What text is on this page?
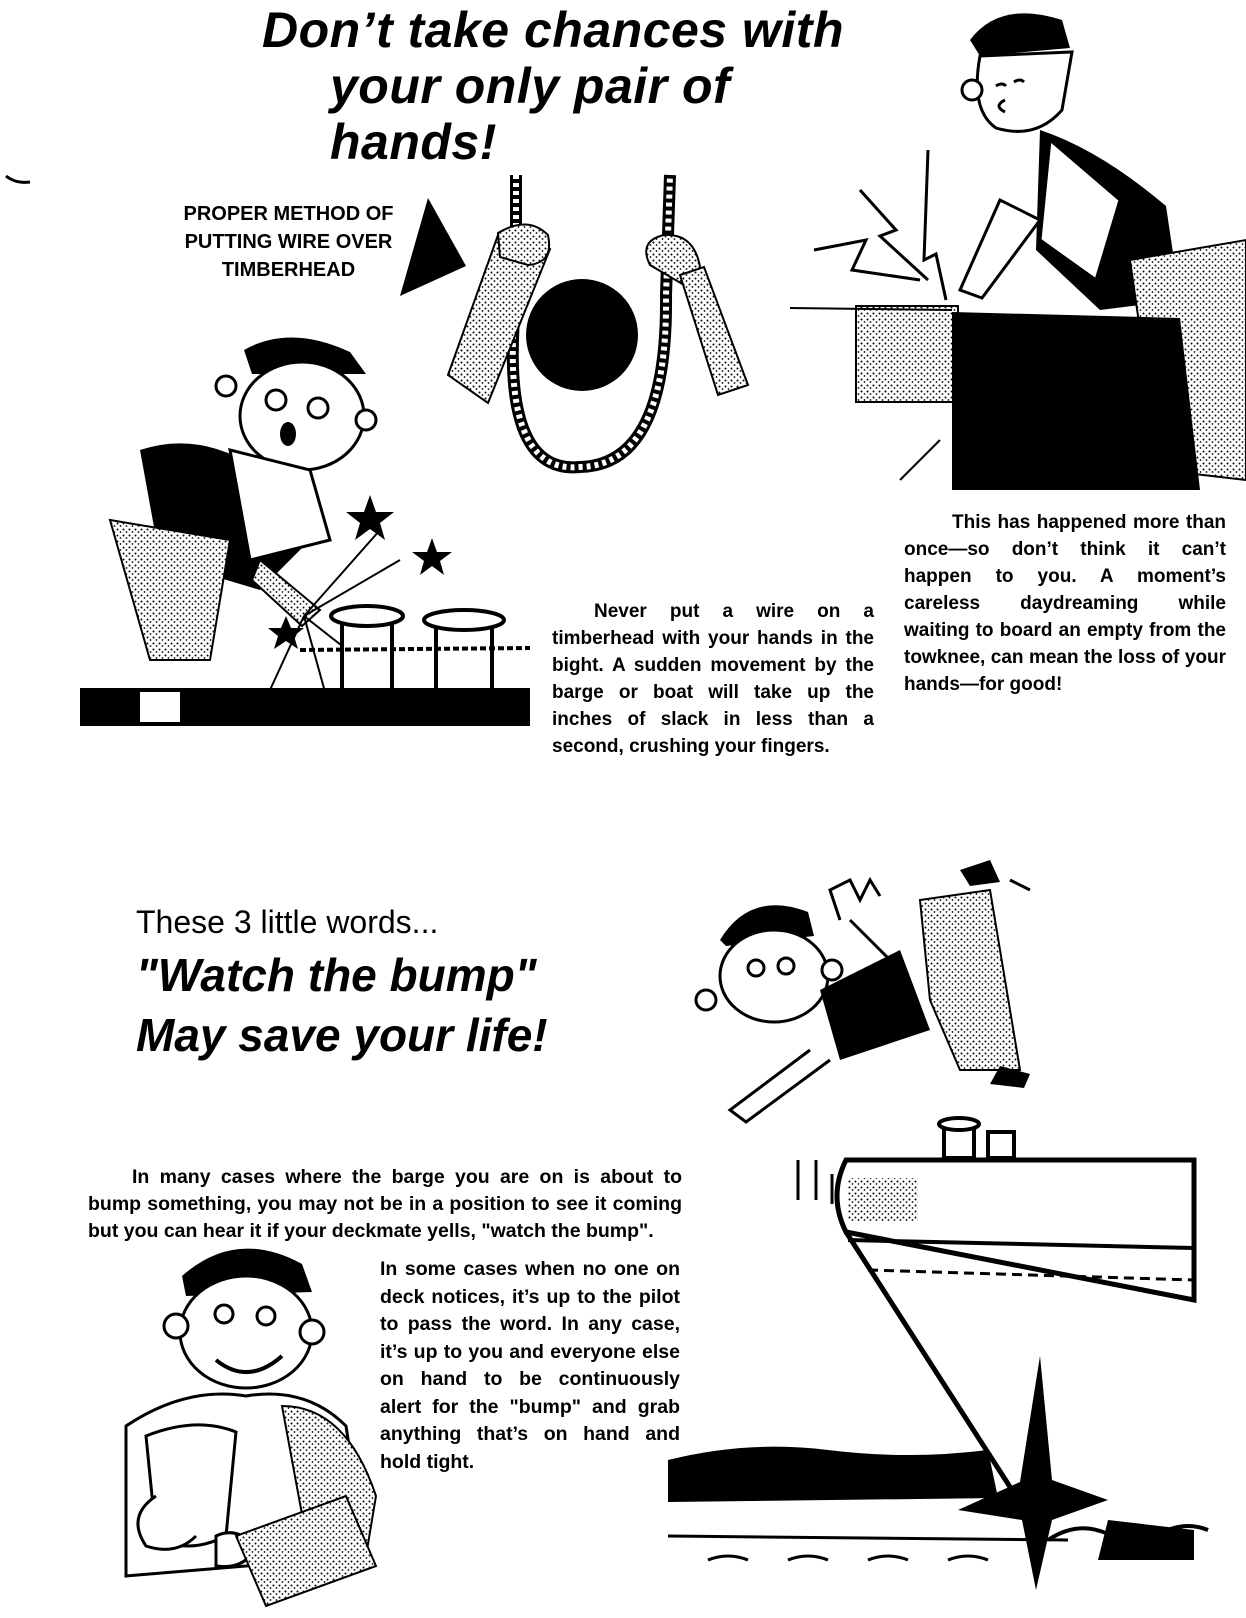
Don’t take chances with
your only pair of hands!
PROPER METHOD OF PUTTING WIRE OVER TIMBERHEAD
Never put a wire on a timberhead with your hands in the bight. A sudden movement by the barge or boat will take up the inches of slack in less than a second, crushing your fingers.
This has happened more than once—so don’t think it can’t happen to you. A moment’s careless daydreaming while waiting to board an empty from the towknee, can mean the loss of your hands—for good!
These 3 little words...
"Watch the bump"
May save your life!
In many cases where the barge you are on is about to bump something, you may not be in a position to see it coming but you can hear it if your deckmate yells, "watch the bump".
In some cases when no one on deck notices, it’s up to the pilot to pass the word. In any case, it’s up to you and everyone else on hand to be continuously alert for the "bump" and grab anything that’s on hand and hold tight.
